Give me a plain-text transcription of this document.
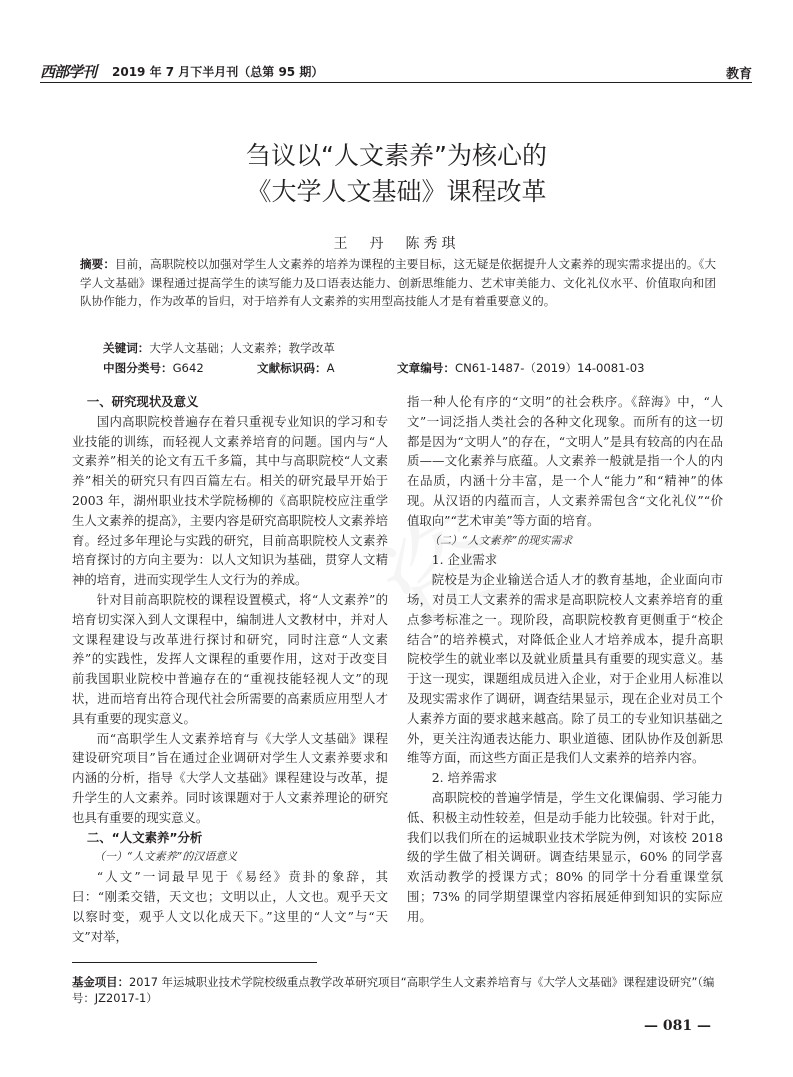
西部学刊 2019 年 7 月下半月刊（总第 95 期）	教育
刍议以“人文素养”为核心的
《大学人文基础》课程改革
王　丹　陈秀琪
摘要：目前，高职院校以加强对学生人文素养的培养为课程的主要目标，这无疑是依据提升人文素养的现实需求提出的。《大学人文基础》课程通过提高学生的读写能力及口语表达能力、创新思维能力、艺术审美能力、文化礼仪水平、价值取向和团队协作能力，作为改革的旨归，对于培养有人文素养的实用型高技能人才是有着重要意义的。
关键词：大学人文基础；人文素养；教学改革
中图分类号：G642	文献标识码：A	文章编号：CN61-1487-（2019）14-0081-03
一、研究现状及意义

国内高职院校普遍存在着只重视专业知识的学习和专业技能的训练，而轻视人文素养培育的问题。国内与“人文素养”相关的论文有五千多篇，其中与高职院校“人文素养”相关的研究只有四百篇左右。相关的研究最早开始于 2003 年，湖州职业技术学院杨柳的《高职院校应注重学生人文素养的提高》，主要内容是研究高职院校人文素养培育。经过多年理论与实践的研究，目前高职院校人文素养培育探讨的方向主要为：以人文知识为基础，贯穿人文精神的培育，进而实现学生人文行为的养成。

针对目前高职院校的课程设置模式，将“人文素养”的培育切实深入到人文课程中，编制进人文教材中，并对人文课程建设与改革进行探讨和研究，同时注意“人文素养”的实践性，发挥人文课程的重要作用，这对于改变目前我国职业院校中普遍存在的“重视技能轻视人文”的现状，进而培育出符合现代社会所需要的高素质应用型人才具有重要的现实意义。

而“高职学生人文素养培育与《大学人文基础》课程建设研究项目”旨在通过企业调研对学生人文素养要求和内涵的分析，指导《大学人文基础》课程建设与改革，提升学生的人文素养。同时该课题对于人文素养理论的研究也具有重要的现实意义。

二、“人文素养”分析
（一）“人文素养”的汉语意义

“人文”一词最早见于《易经》贲卦的象辞，其曰：“刚柔交错，天文也；文明以止，人文也。观乎天文以察时变，观乎人文以化成天下。”这里的“人文”与“天文”对举，

指一种人伦有序的“文明”的社会秩序。《辞海》中，“人文”一词泛指人类社会的各种文化现象。而所有的这一切都是因为“文明人”的存在，“文明人”是具有较高的内在品质——文化素养与底蕴。人文素养一般就是指一个人的内在品质，内涵十分丰富，是一个人“能力”和“精神”的体现。从汉语的内蕴而言，人文素养需包含“文化礼仪”“价值取向”“艺术审美”等方面的培育。

（二）“人文素养”的现实需求
1. 企业需求

院校是为企业输送合适人才的教育基地，企业面向市场，对员工人文素养的需求是高职院校人文素养培育的重点参考标准之一。现阶段，高职院校教育更侧重于“校企结合”的培养模式，对降低企业人才培养成本，提升高职院校学生的就业率以及就业质量具有重要的现实意义。基于这一现实，课题组成员进入企业，对于企业用人标准以及现实需求作了调研，调查结果显示，现在企业对员工个人素养方面的要求越来越高。除了员工的专业知识基础之外，更关注沟通表达能力、职业道德、团队协作及创新思维等方面，而这些方面正是我们人文素养的培养内容。

2. 培养需求

高职院校的普遍学情是，学生文化课偏弱、学习能力低、积极主动性较差，但是动手能力比较强。针对于此，我们以我们所在的运城职业技术学院为例，对该校 2018 级的学生做了相关调研。调查结果显示，60% 的同学喜欢活动教学的授课方式；80% 的同学十分看重课堂氛围；73% 的同学期望课堂内容拓展延伸到知识的实际应用。

基金项目：2017 年运城职业技术学院校级重点教学改革研究项目“高职学生人文素养培育与《大学人文基础》课程建设研究”（编号：JZ2017-1）
— 081 —
